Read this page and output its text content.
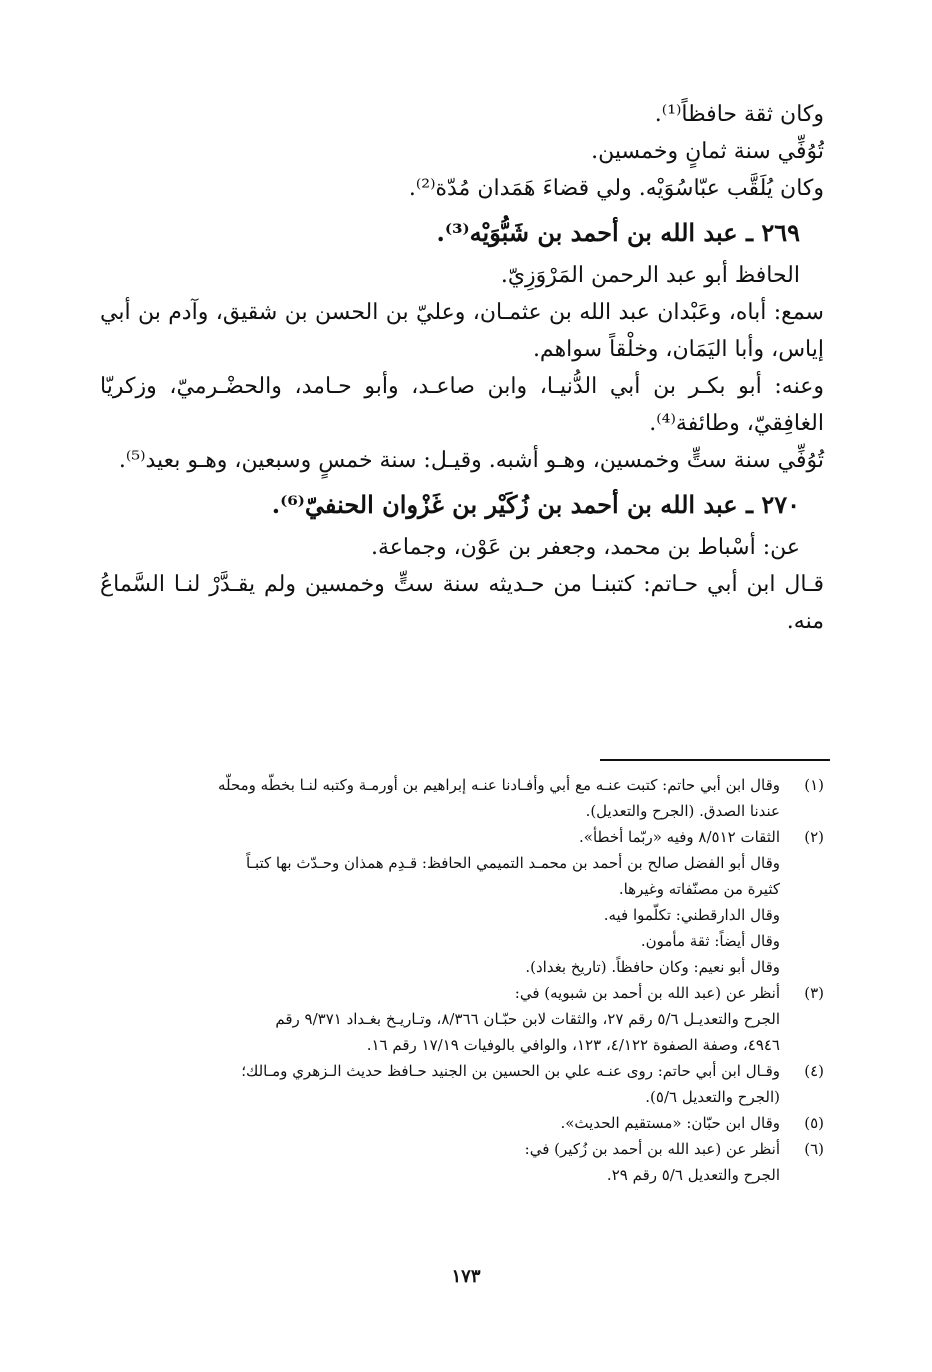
وكان ثقة حافظاً⁽¹⁾.
تُوُفِّي سنة ثمانٍ وخمسين.
وكان يُلَقَّب عبّاسُوَيْه. ولي قضاءَ هَمَدان مُدّة⁽²⁾.
٢٦٩ ـ عبد الله بن أحمد بن شَبُّوَيْه⁽³⁾.
الحافظ أبو عبد الرحمن المَرْوَزِيّ.
سمع: أباه، وعَبْدان عبد الله بن عثمـان، وعليّ بن الحسن بن شقيق، وآدم بن أبي إياس، وأبا اليَمَان، وخلْقاً سواهم.
وعنه: أبو بكـر بن أبي الدُّنيـا، وابن صاعـد، وأبو حـامد، والحضْـرميّ، وزكريّا الغافِقيّ، وطائفة⁽⁴⁾.
تُوُفِّي سنة ستٍّ وخمسين، وهـو أشبه. وقيـل: سنة خمسٍ وسبعين، وهـو بعيد⁽⁵⁾.
٢٧٠ ـ عبد الله بن أحمد بن زُكَيْر بن غَزْوان الحنفيّ⁽⁶⁾.
عن: أسْباط بن محمد، وجعفر بن عَوْن، وجماعة.
قـال ابن أبي حـاتم: كتبنـا من حـديثه سنة ستٍّ وخمسين ولم يقـدَّرْ لنـا السَّماعُ منه.
(١)
وقال ابن أبي حاتم: كتبت عنـه مع أبي وأفـادنا عنـه إبراهيم بن أورمـة وكتبه لنـا بخطّه ومحلّه
عندنا الصدق. (الجرح والتعديل).
(٢)
الثقات ٨/٥١٢ وفيه «ربّما أخطأ».
وقال أبو الفضل صالح بن أحمد بن محمـد التميمي الحافظ: قـدِم همذان وحـدّث بها كتبـاً
كثيرة من مصنّفاته وغيرها.
وقال الدارقطني: تكلّموا فيه.
وقال أيضاً: ثقة مأمون.
وقال أبو نعيم: وكان حافظاً. (تاريخ بغداد).
(٣)
أنظر عن (عبد الله بن أحمد بن شبويه) في:
الجرح والتعديـل ٥/٦ رقم ٢٧، والثقات لابن حبّـان ٨/٣٦٦، وتـاريـخ بغـداد ٩/٣٧١ رقم
٤٩٤٦، وصفة الصفوة ٤/١٢٢، ١٢٣، والوافي بالوفيات ١٧/١٩ رقم ١٦.
(٤)
وقـال ابن أبي حاتم: روى عنـه علي بن الحسين بن الجنيد حـافظ حديث الـزهري ومـالك؛
(الجرح والتعديل ٥/٦).
(٥)
وقال ابن حبّان: «مستقيم الحديث».
(٦)
أنظر عن (عبد الله بن أحمد بن زُكير) في:
الجرح والتعديل ٥/٦ رقم ٢٩.
١٧٣
